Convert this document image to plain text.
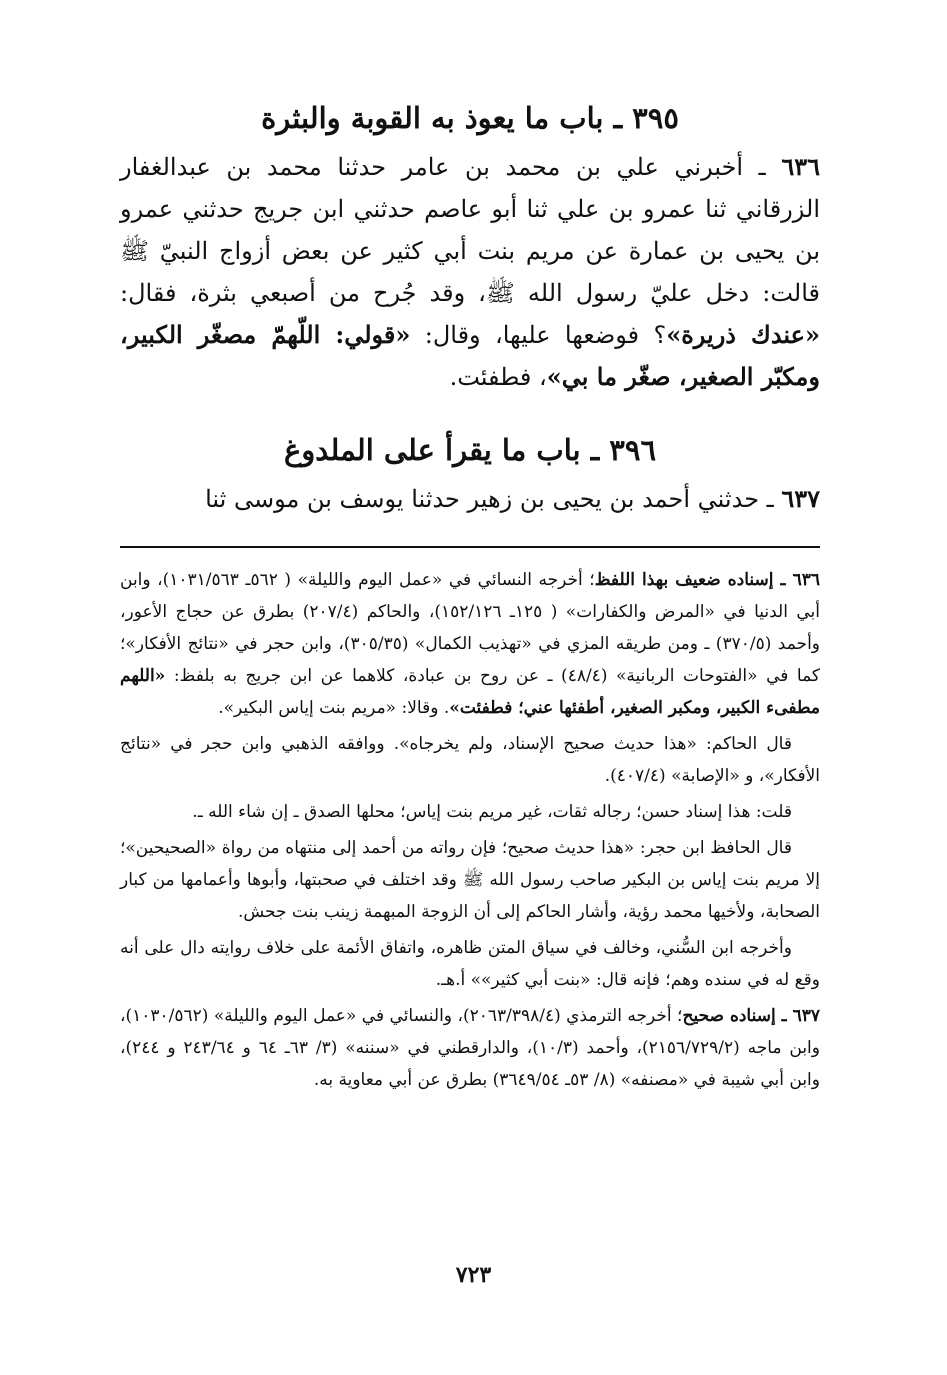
٣٩٥ ـ باب ما يعوذ به القوبة والبثرة

٦٣٦ ـ أخبرني علي بن محمد بن عامر حدثنا محمد بن عبدالغفار الزرقاني ثنا عمرو بن علي ثنا أبو عاصم حدثني ابن جريج حدثني عمرو بن يحيى بن عمارة عن مريم بنت أبي كثير عن بعض أزواج النبيّ ﷺ قالت: دخل عليّ رسول الله ﷺ، وقد جُرح من أصبعي بثرة، فقال: «عندك ذريرة»؟ فوضعها عليها، وقال: «قولي: اللّهمّ مصغّر الكبير، ومكبّر الصغير، صغّر ما بي»، فطفئت.

٣٩٦ ـ باب ما يقرأ على الملدوغ

٦٣٧ ـ حدثني أحمد بن يحيى بن زهير حدثنا يوسف بن موسى ثنا

٦٣٦ ـ إسناده ضعيف بهذا اللفظ؛ أخرجه النسائي في «عمل اليوم والليلة» ( ٥٦٢ـ ١٠٣١/٥٦٣)، وابن أبي الدنيا في «المرض والكفارات» ( ١٢٥ـ ١٥٢/١٢٦)، والحاكم (٢٠٧/٤) بطرق عن حجاج الأعور، وأحمد (٣٧٠/٥) ـ ومن طريقه المزي في «تهذيب الكمال» (٣٠٥/٣٥)، وابن حجر في «نتائج الأفكار»؛ كما في «الفتوحات الربانية» (٤٨/٤) ـ عن روح بن عبادة، كلاهما عن ابن جريج به بلفظ: «اللهم مطفىء الكبير، ومكبر الصغير، أطفئها عني؛ فطفئت». وقالا: «مريم بنت إياس البكير».

قال الحاكم: «هذا حديث صحيح الإسناد، ولم يخرجاه». ووافقه الذهبي وابن حجر في «نتائج الأفكار»، و «الإصابة» (٤٠٧/٤).

قلت: هذا إسناد حسن؛ رجاله ثقات، غير مريم بنت إياس؛ محلها الصدق ـ إن شاء الله ـ.

قال الحافظ ابن حجر: «هذا حديث صحيح؛ فإن رواته من أحمد إلى منتهاه من رواة «الصحيحين»؛ إلا مريم بنت إياس بن البكير صاحب رسول الله ﷺ وقد اختلف في صحبتها، وأبوها وأعمامها من كبار الصحابة، ولأخيها محمد رؤية، وأشار الحاكم إلى أن الزوجة المبهمة زينب بنت جحش.

وأخرجه ابن السُّني، وخالف في سياق المتن ظاهره، واتفاق الأئمة على خلاف روايته دال على أنه وقع له في سنده وهم؛ فإنه قال: «بنت أبي كثير»» أ.هـ.

٦٣٧ ـ إسناده صحيح؛ أخرجه الترمذي (٢٠٦٣/٣٩٨/٤)، والنسائي في «عمل اليوم والليلة» (١٠٣٠/٥٦٢)، وابن ماجه (٢١٥٦/٧٢٩/٢)، وأحمد (١٠/٣)، والدارقطني في «سننه» (٣/ ٦٣ـ ٦٤ و ٢٤٣/٦٤ و ٢٤٤)، وابن أبي شيبة في «مصنفه» (٨/ ٥٣ـ ٣٦٤٩/٥٤) بطرق عن أبي معاوية به.

٧٢٣
